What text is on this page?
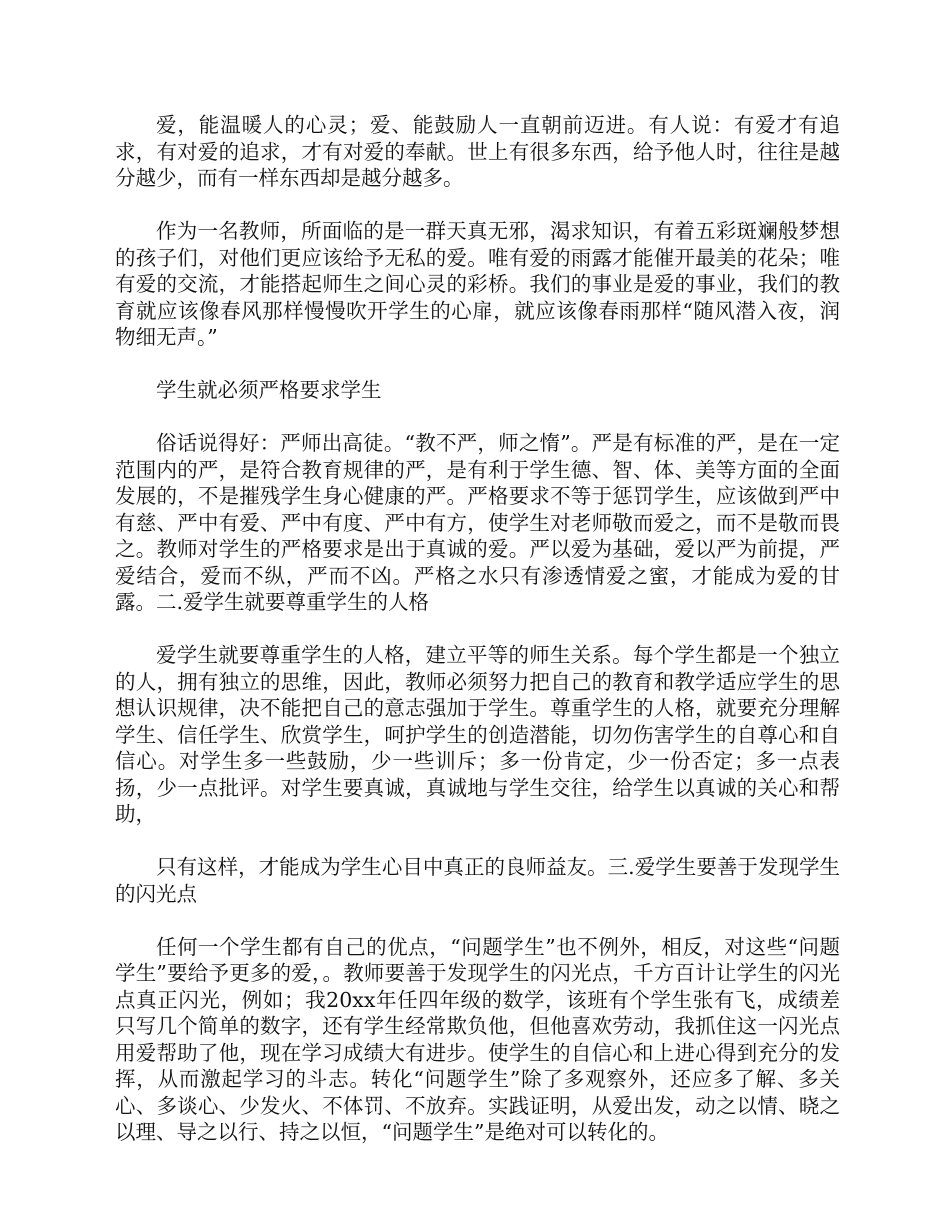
爱，能温暖人的心灵；爱、能鼓励人一直朝前迈进。有人说：有爱才有追求，有对爱的追求，才有对爱的奉献。世上有很多东西，给予他人时，往往是越分越少，而有一样东西却是越分越多。

作为一名教师，所面临的是一群天真无邪，渴求知识，有着五彩斑斓般梦想的孩子们，对他们更应该给予无私的爱。唯有爱的雨露才能催开最美的花朵；唯有爱的交流，才能搭起师生之间心灵的彩桥。我们的事业是爱的事业，我们的教育就应该像春风那样慢慢吹开学生的心扉，就应该像春雨那样“随风潜入夜，润物细无声。”

学生就必须严格要求学生

俗话说得好：严师出高徒。“教不严，师之惰”。严是有标准的严，是在一定范围内的严，是符合教育规律的严，是有利于学生德、智、体、美等方面的全面发展的，不是摧残学生身心健康的严。严格要求不等于惩罚学生，应该做到严中有慈、严中有爱、严中有度、严中有方，使学生对老师敬而爱之，而不是敬而畏之。教师对学生的严格要求是出于真诚的爱。严以爱为基础，爱以严为前提，严爱结合，爱而不纵，严而不凶。严格之水只有渗透情爱之蜜，才能成为爱的甘露。二.爱学生就要尊重学生的人格

爱学生就要尊重学生的人格，建立平等的师生关系。每个学生都是一个独立的人，拥有独立的思维，因此，教师必须努力把自己的教育和教学适应学生的思想认识规律，决不能把自己的意志强加于学生。尊重学生的人格，就要充分理解学生、信任学生、欣赏学生，呵护学生的创造潜能，切勿伤害学生的自尊心和自信心。对学生多一些鼓励，少一些训斥；多一份肯定，少一份否定；多一点表扬，少一点批评。对学生要真诚，真诚地与学生交往，给学生以真诚的关心和帮助，

只有这样，才能成为学生心目中真正的良师益友。三.爱学生要善于发现学生的闪光点

任何一个学生都有自己的优点，“问题学生”也不例外，相反，对这些“问题学生”要给予更多的爱，。教师要善于发现学生的闪光点，千方百计让学生的闪光点真正闪光，例如；我20xx年任四年级的数学，该班有个学生张有飞，成绩差只写几个简单的数字，还有学生经常欺负他，但他喜欢劳动，我抓住这一闪光点用爱帮助了他，现在学习成绩大有进步。使学生的自信心和上进心得到充分的发挥，从而激起学习的斗志。转化“问题学生”除了多观察外，还应多了解、多关心、多谈心、少发火、不体罚、不放弃。实践证明，从爱出发，动之以情、晓之以理、导之以行、持之以恒，“问题学生”是绝对可以转化的。
